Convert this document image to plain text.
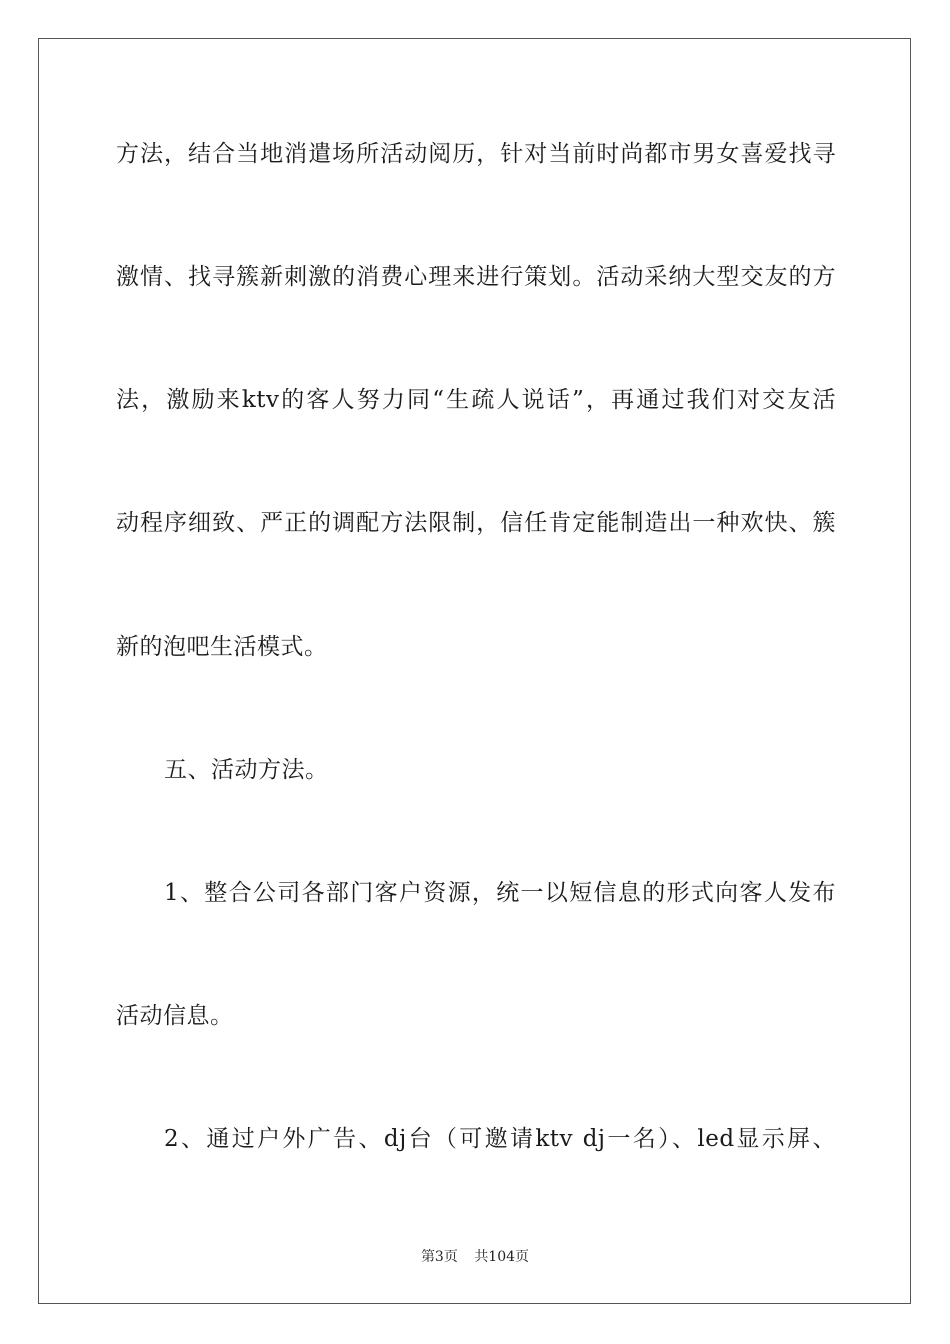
方法，结合当地消遣场所活动阅历，针对当前时尚都市男女喜爱找寻
激情、找寻簇新刺激的消费心理来进行策划。活动采纳大型交友的方
法，激励来ktv的客人努力同“生疏人说话”，再通过我们对交友活
动程序细致、严正的调配方法限制，信任肯定能制造出一种欢快、簇
新的泡吧生活模式。
五、活动方法。
1、整合公司各部门客户资源，统一以短信息的形式向客人发布
活动信息。
2、通过户外广告、dj台（可邀请ktv dj一名）、led显示屏、
第3页 共104页
